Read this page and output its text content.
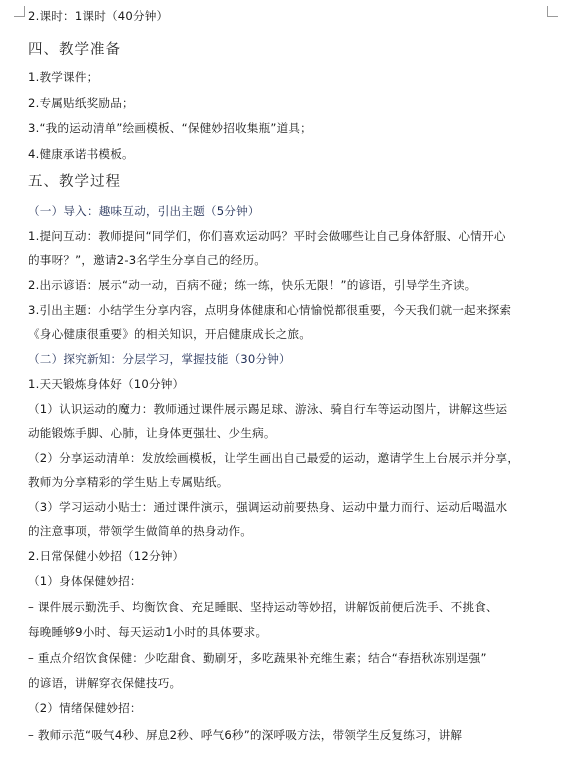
2.课时：1课时（40分钟）
四、教学准备
1.教学课件；
2.专属贴纸奖励品；
3.“我的运动清单”绘画模板、“保健妙招收集瓶”道具；
4.健康承诺书模板。
五、教学过程
（一）导入：趣味互动，引出主题（5分钟）
1.提问互动：教师提问“同学们，你们喜欢运动吗？平时会做哪些让自己身体舒服、心情开心
的事呀？”，邀请2-3名学生分享自己的经历。
2.出示谚语：展示“动一动，百病不碰；练一练，快乐无限！”的谚语，引导学生齐读。
3.引出主题：小结学生分享内容，点明身体健康和心情愉悦都很重要，今天我们就一起来探索
《身心健康很重要》的相关知识，开启健康成长之旅。
（二）探究新知：分层学习，掌握技能（30分钟）
1.天天锻炼身体好（10分钟）
（1）认识运动的魔力：教师通过课件展示踢足球、游泳、骑自行车等运动图片，讲解这些运
动能锻炼手脚、心肺，让身体更强壮、少生病。
（2）分享运动清单：发放绘画模板，让学生画出自己最爱的运动，邀请学生上台展示并分享，
教师为分享精彩的学生贴上专属贴纸。
（3）学习运动小贴士：通过课件演示，强调运动前要热身、运动中量力而行、运动后喝温水
的注意事项，带领学生做简单的热身动作。
2.日常保健小妙招（12分钟）
（1）身体保健妙招：
– 课件展示勤洗手、均衡饮食、充足睡眠、坚持运动等妙招，讲解饭前便后洗手、不挑食、
每晚睡够9小时、每天运动1小时的具体要求。
– 重点介绍饮食保健：少吃甜食、勤刷牙，多吃蔬果补充维生素；结合“春捂秋冻别逞强”
的谚语，讲解穿衣保健技巧。
（2）情绪保健妙招：
– 教师示范“吸气4秒、屏息2秒、呼气6秒”的深呼吸方法，带领学生反复练习，讲解
